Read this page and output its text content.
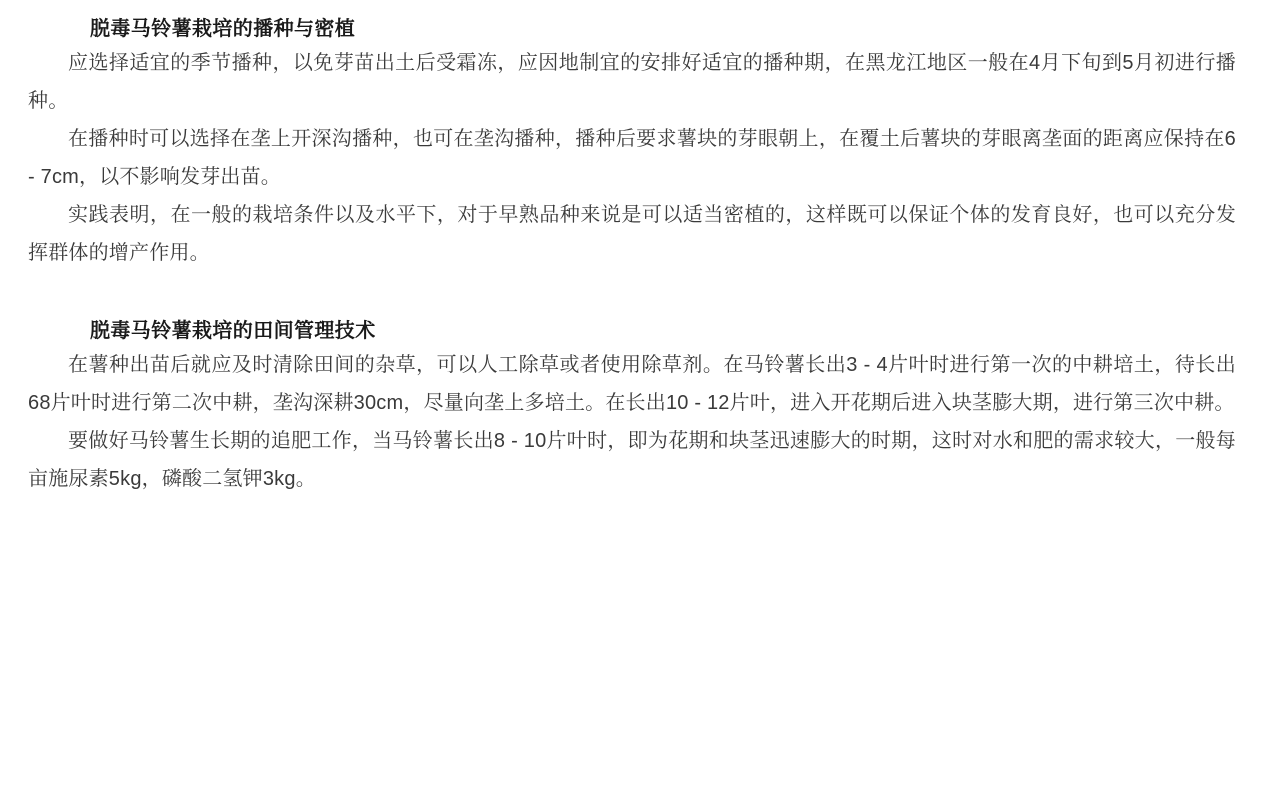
脱毒马铃薯栽培的播种与密植

应选择适宜的季节播种，以免芽苗出土后受霜冻，应因地制宜的安排好适宜的播种期，在黑龙江地区一般在4月下旬到5月初进行播种。

在播种时可以选择在垄上开深沟播种，也可在垄沟播种，播种后要求薯块的芽眼朝上，在覆土后薯块的芽眼离垄面的距离应保持在6 - 7cm，以不影响发芽出苗。

实践表明，在一般的栽培条件以及水平下，对于早熟品种来说是可以适当密植的，这样既可以保证个体的发育良好，也可以充分发挥群体的增产作用。

脱毒马铃薯栽培的田间管理技术

在薯种出苗后就应及时清除田间的杂草，可以人工除草或者使用除草剂。在马铃薯长出3 - 4片叶时进行第一次的中耕培土，待长出68片叶时进行第二次中耕，垄沟深耕30cm，尽量向垄上多培土。在长出10 - 12片叶，进入开花期后进入块茎膨大期，进行第三次中耕。

要做好马铃薯生长期的追肥工作，当马铃薯长出8 - 10片叶时，即为花期和块茎迅速膨大的时期，这时对水和肥的需求较大，一般每亩施尿素5kg，磷酸二氢钾3kg。
